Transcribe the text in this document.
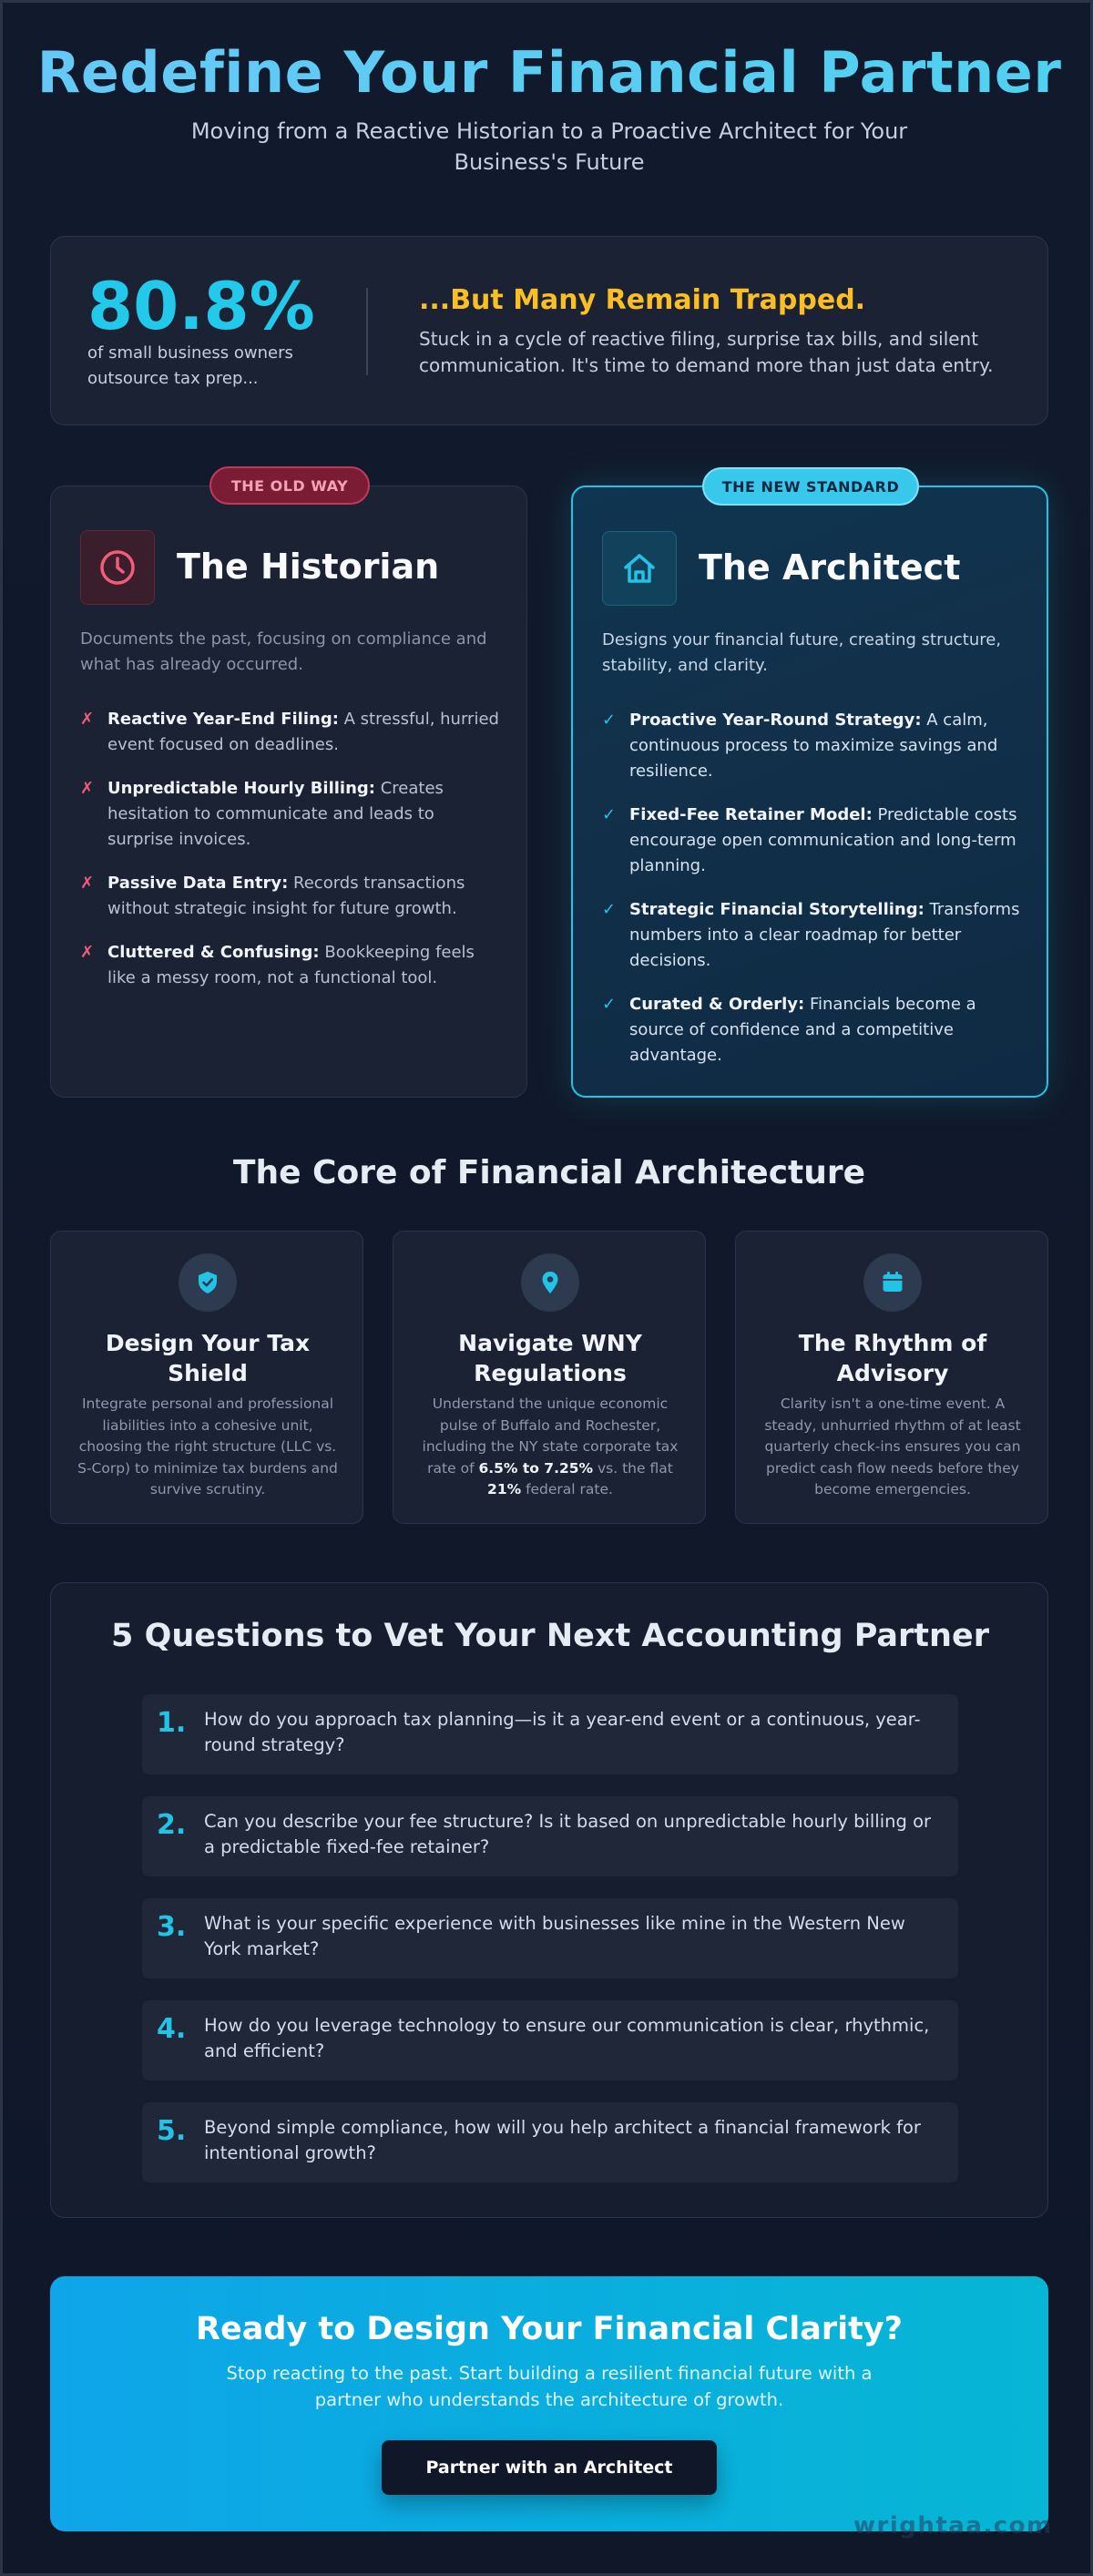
Redefine Your Financial Partner

Moving from a Reactive Historian to a Proactive Architect for Your Business's Future

80.8%
of small business owners outsource tax prep...
...But Many Remain Trapped.
Stuck in a cycle of reactive filing, surprise tax bills, and silent communication. It's time to demand more than just data entry.
THE OLD WAY
The Historian

Documents the past, focusing on compliance and what has already occurred.

✗ Reactive Year-End Filing: A stressful, hurried event focused on deadlines.
✗ Unpredictable Hourly Billing: Creates hesitation to communicate and leads to surprise invoices.
✗ Passive Data Entry: Records transactions without strategic insight for future growth.
✗ Cluttered & Confusing: Bookkeeping feels like a messy room, not a functional tool.
THE NEW STANDARD
The Architect

Designs your financial future, creating structure, stability, and clarity.

✓ Proactive Year-Round Strategy: A calm, continuous process to maximize savings and resilience.
✓ Fixed-Fee Retainer Model: Predictable costs encourage open communication and long-term planning.
✓ Strategic Financial Storytelling: Transforms numbers into a clear roadmap for better decisions.
✓ Curated & Orderly: Financials become a source of confidence and a competitive advantage.
The Core of Financial Architecture
Design Your Tax Shield

Integrate personal and professional liabilities into a cohesive unit, choosing the right structure (LLC vs. S-Corp) to minimize tax burdens and survive scrutiny.

Navigate WNY Regulations

Understand the unique economic pulse of Buffalo and Rochester, including the NY state corporate tax rate of 6.5% to 7.25% vs. the flat 21% federal rate.

The Rhythm of Advisory

Clarity isn't a one-time event. A steady, unhurried rhythm of at least quarterly check-ins ensures you can predict cash flow needs before they become emergencies.

5 Questions to Vet Your Next Accounting Partner
1. How do you approach tax planning—is it a year-end event or a continuous, year-round strategy?
2. Can you describe your fee structure? Is it based on unpredictable hourly billing or a predictable fixed-fee retainer?
3. What is your specific experience with businesses like mine in the Western New York market?
4. How do you leverage technology to ensure our communication is clear, rhythmic, and efficient?
5. Beyond simple compliance, how will you help architect a financial framework for intentional growth?
Ready to Design Your Financial Clarity?

Stop reacting to the past. Start building a resilient financial future with a partner who understands the architecture of growth.

Partner with an Architect
wrightaa.com
